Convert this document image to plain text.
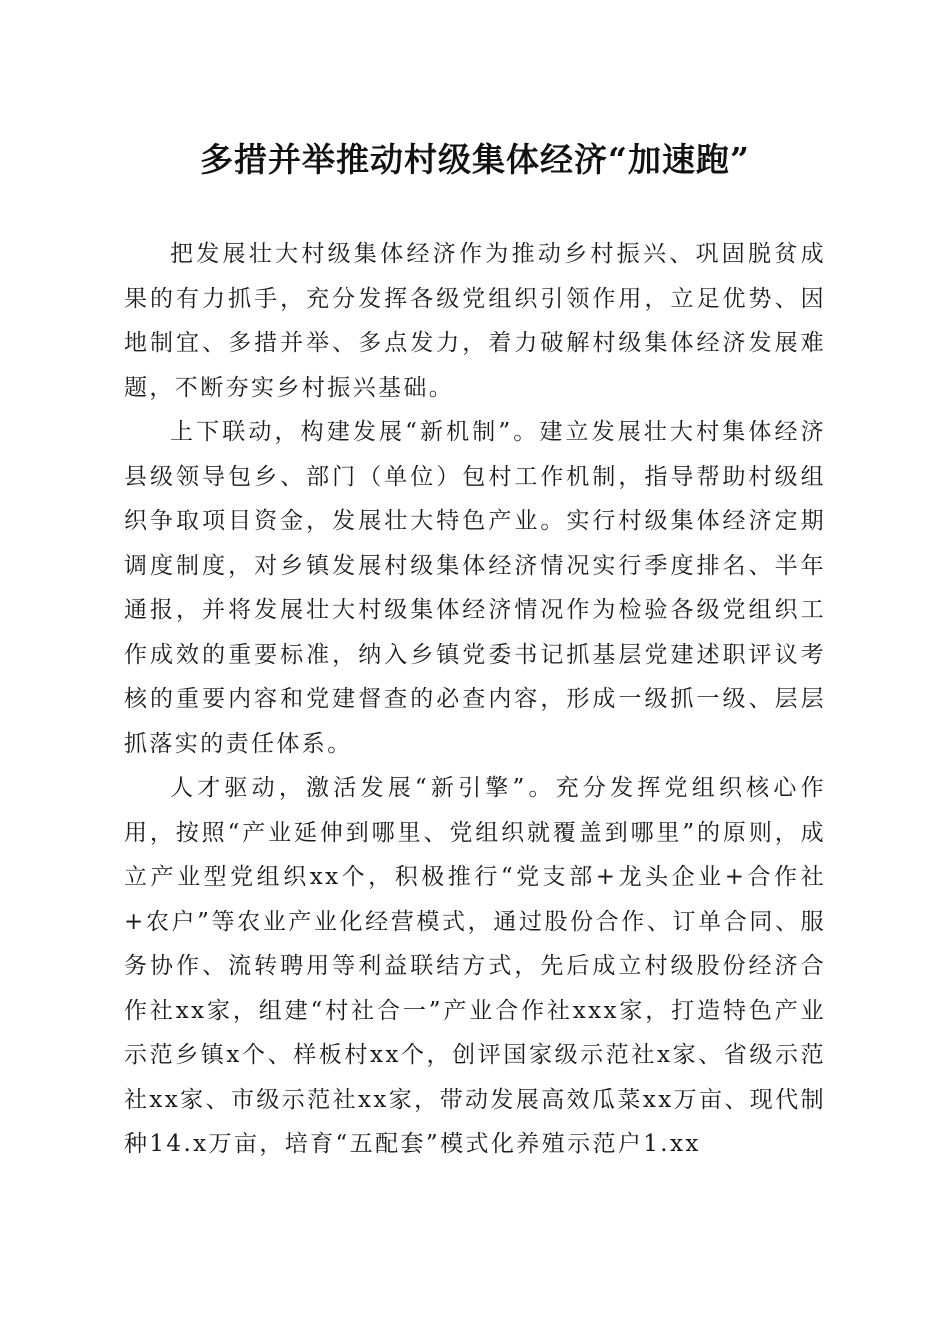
多措并举推动村级集体经济“加速跑”

把发展壮大村级集体经济作为推动乡村振兴、巩固脱贫成果的有力抓手，充分发挥各级党组织引领作用，立足优势、因地制宜、多措并举、多点发力，着力破解村级集体经济发展难题，不断夯实乡村振兴基础。

上下联动，构建发展“新机制”。建立发展壮大村集体经济县级领导包乡、部门（单位）包村工作机制，指导帮助村级组织争取项目资金，发展壮大特色产业。实行村级集体经济定期调度制度，对乡镇发展村级集体经济情况实行季度排名、半年通报，并将发展壮大村级集体经济情况作为检验各级党组织工作成效的重要标准，纳入乡镇党委书记抓基层党建述职评议考核的重要内容和党建督查的必查内容，形成一级抓一级、层层抓落实的责任体系。

人才驱动，激活发展“新引擎”。充分发挥党组织核心作用，按照“产业延伸到哪里、党组织就覆盖到哪里”的原则，成立产业型党组织xx个，积极推行“党支部+龙头企业+合作社+农户”等农业产业化经营模式，通过股份合作、订单合同、服务协作、流转聘用等利益联结方式，先后成立村级股份经济合作社xx家，组建“村社合一”产业合作社xxx家，打造特色产业示范乡镇x个、样板村xx个，创评国家级示范社x家、省级示范社xx家、市级示范社xx家，带动发展高效瓜菜xx万亩、现代制种14.x万亩，培育“五配套”模式化养殖示范户1.xx
